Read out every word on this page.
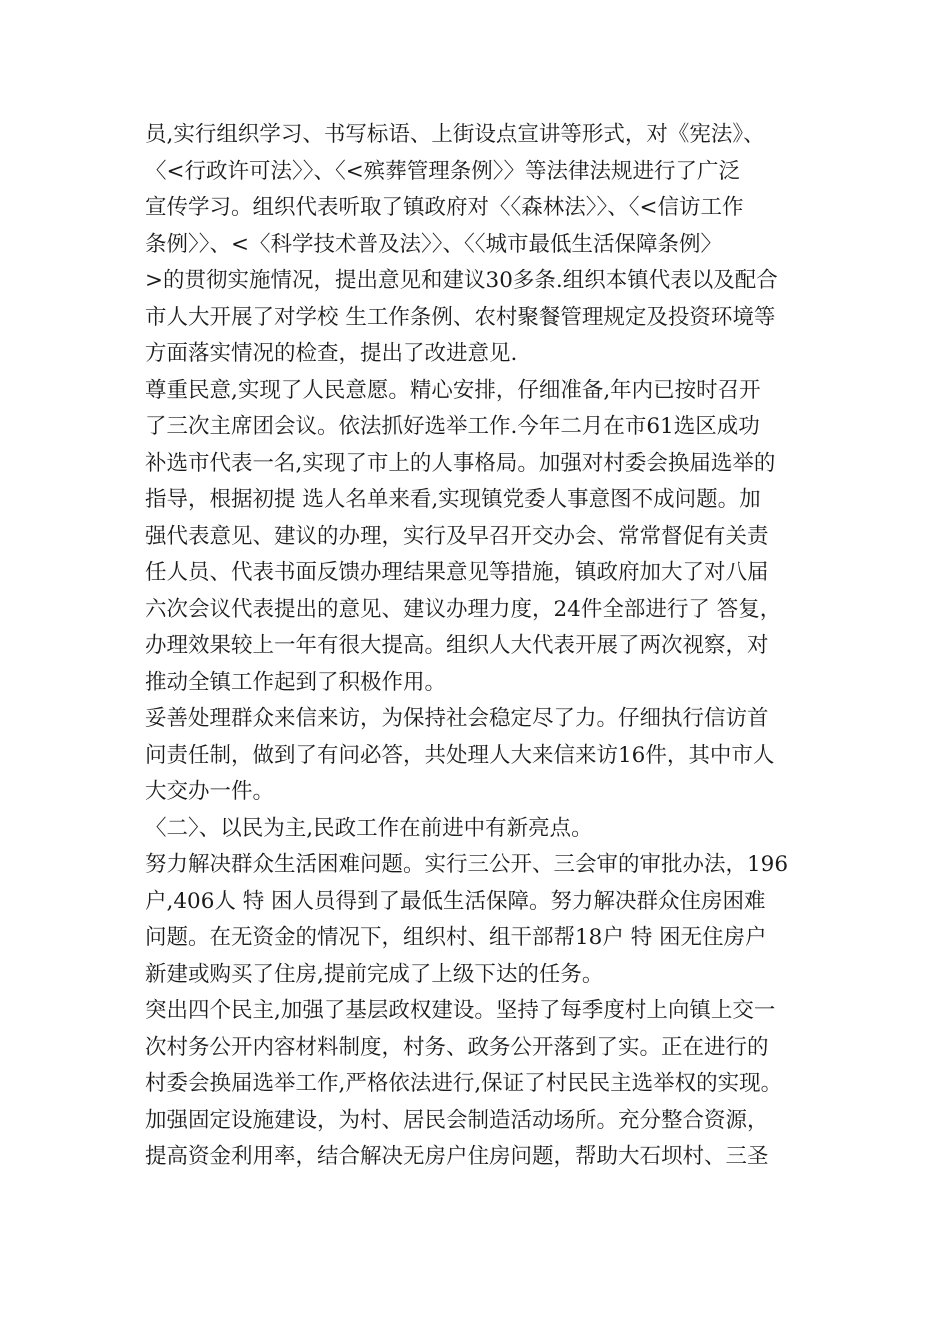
员,实行组织学习、书写标语、上街设点宣讲等形式，对《宪法》、
〈<行政许可法〉〉、〈<殡葬管理条例〉〉等法律法规进行了广泛
宣传学习。组织代表听取了镇政府对〈〈森林法〉〉、〈<信访工作
条例〉〉、<〈科学技术普及法〉〉、〈〈城市最低生活保障条例〉
>的贯彻实施情况，提出意见和建议30多条.组织本镇代表以及配合
市人大开展了对学校 生工作条例、农村聚餐管理规定及投资环境等
方面落实情况的检查，提出了改进意见.
尊重民意,实现了人民意愿。精心安排，仔细准备,年内已按时召开
了三次主席团会议。依法抓好选举工作.今年二月在市61选区成功
补选市代表一名,实现了市上的人事格局。加强对村委会换届选举的
指导，根据初提 选人名单来看,实现镇党委人事意图不成问题。加
强代表意见、建议的办理，实行及早召开交办会、常常督促有关责
任人员、代表书面反馈办理结果意见等措施，镇政府加大了对八届
六次会议代表提出的意见、建议办理力度，24件全部进行了 答复，
办理效果较上一年有很大提高。组织人大代表开展了两次视察，对
推动全镇工作起到了积极作用。
妥善处理群众来信来访，为保持社会稳定尽了力。仔细执行信访首
问责任制，做到了有问必答，共处理人大来信来访16件，其中市人
大交办一件。
〈二〉、以民为主,民政工作在前进中有新亮点。
努力解决群众生活困难问题。实行三公开、三会审的审批办法，196
户,406人 特 困人员得到了最低生活保障。努力解决群众住房困难
问题。在无资金的情况下，组织村、组干部帮18户 特 困无住房户
新建或购买了住房,提前完成了上级下达的任务。
突出四个民主,加强了基层政权建设。坚持了每季度村上向镇上交一
次村务公开内容材料制度，村务、政务公开落到了实。正在进行的
村委会换届选举工作,严格依法进行,保证了村民民主选举权的实现。
加强固定设施建设，为村、居民会制造活动场所。充分整合资源，
提高资金利用率，结合解决无房户住房问题，帮助大石坝村、三圣
